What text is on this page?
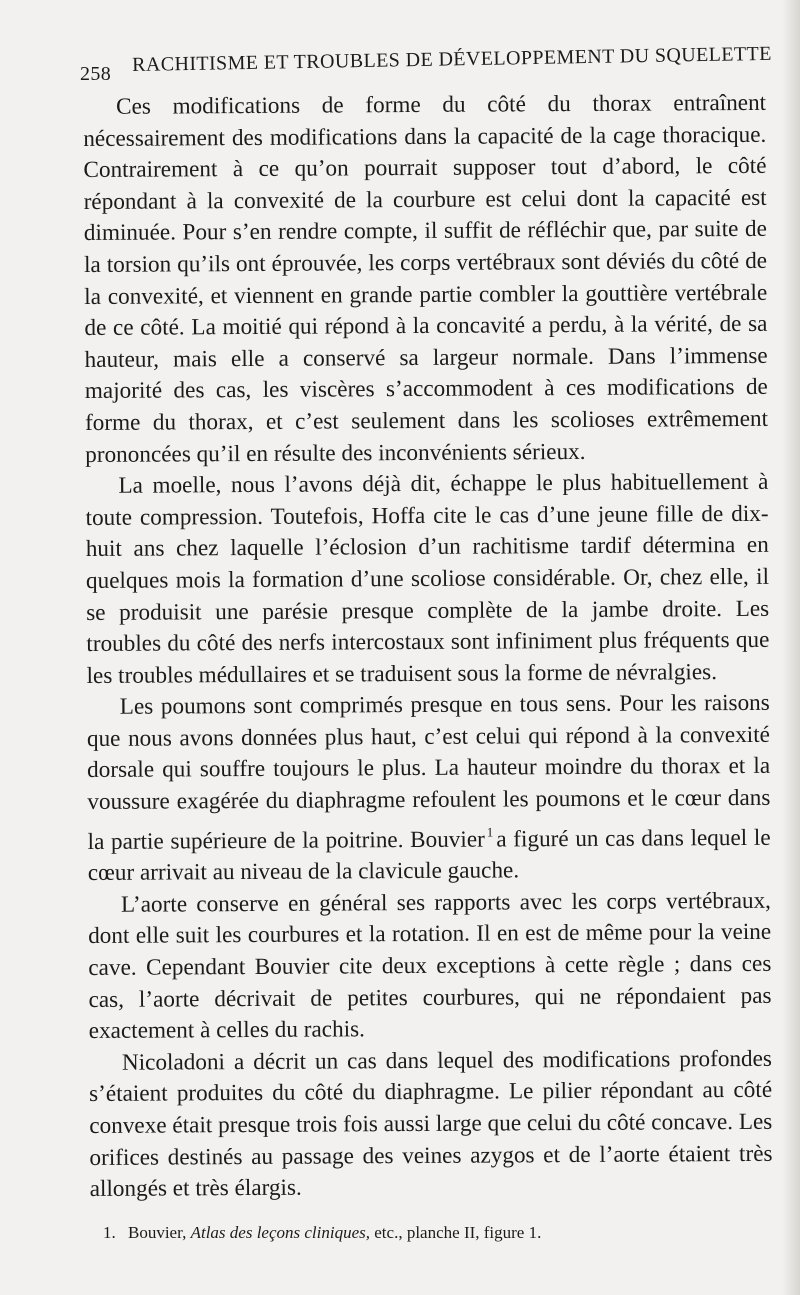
258 RACHITISME ET TROUBLES DE DÉVELOPPEMENT DU SQUELETTE

Ces modifications de forme du côté du thorax entraînent nécessairement des modifications dans la capacité de la cage thoracique. Contrairement à ce qu’on pourrait supposer tout d’abord, le côté répondant à la convexité de la courbure est celui dont la capacité est diminuée. Pour s’en rendre compte, il suffit de réfléchir que, par suite de la torsion qu’ils ont éprouvée, les corps vertébraux sont déviés du côté de la convexité, et viennent en grande partie combler la gouttière vertébrale de ce côté. La moitié qui répond à la concavité a perdu, à la vérité, de sa hauteur, mais elle a conservé sa largeur normale. Dans l’immense majorité des cas, les viscères s’accommodent à ces modifications de forme du thorax, et c’est seulement dans les scolioses extrêmement prononcées qu’il en résulte des inconvénients sérieux.

La moelle, nous l’avons déjà dit, échappe le plus habituellement à toute compression. Toutefois, Hoffa cite le cas d’une jeune fille de dix-huit ans chez laquelle l’éclosion d’un rachitisme tardif détermina en quelques mois la formation d’une scoliose considérable. Or, chez elle, il se produisit une parésie presque complète de la jambe droite. Les troubles du côté des nerfs intercostaux sont infiniment plus fréquents que les troubles médullaires et se traduisent sous la forme de névralgies.

Les poumons sont comprimés presque en tous sens. Pour les raisons que nous avons données plus haut, c’est celui qui répond à la convexité dorsale qui souffre toujours le plus. La hauteur moindre du thorax et la voussure exagérée du diaphragme refoulent les poumons et le cœur dans la partie supérieure de la poitrine. Bouvier $^1$ a figuré un cas dans lequel le cœur arrivait au niveau de la clavicule gauche.

L’aorte conserve en général ses rapports avec les corps vertébraux, dont elle suit les courbures et la rotation. Il en est de même pour la veine cave. Cependant Bouvier cite deux exceptions à cette règle ; dans ces cas, l’aorte décrivait de petites courbures, qui ne répondaient pas exactement à celles du rachis.

Nicoladoni a décrit un cas dans lequel des modifications profondes s’étaient produites du côté du diaphragme. Le pilier répondant au côté convexe était presque trois fois aussi large que celui du côté concave. Les orifices destinés au passage des veines azygos et de l’aorte étaient très allongés et très élargis.

1. Bouvier, Atlas des leçons cliniques, etc., planche II, figure 1.
